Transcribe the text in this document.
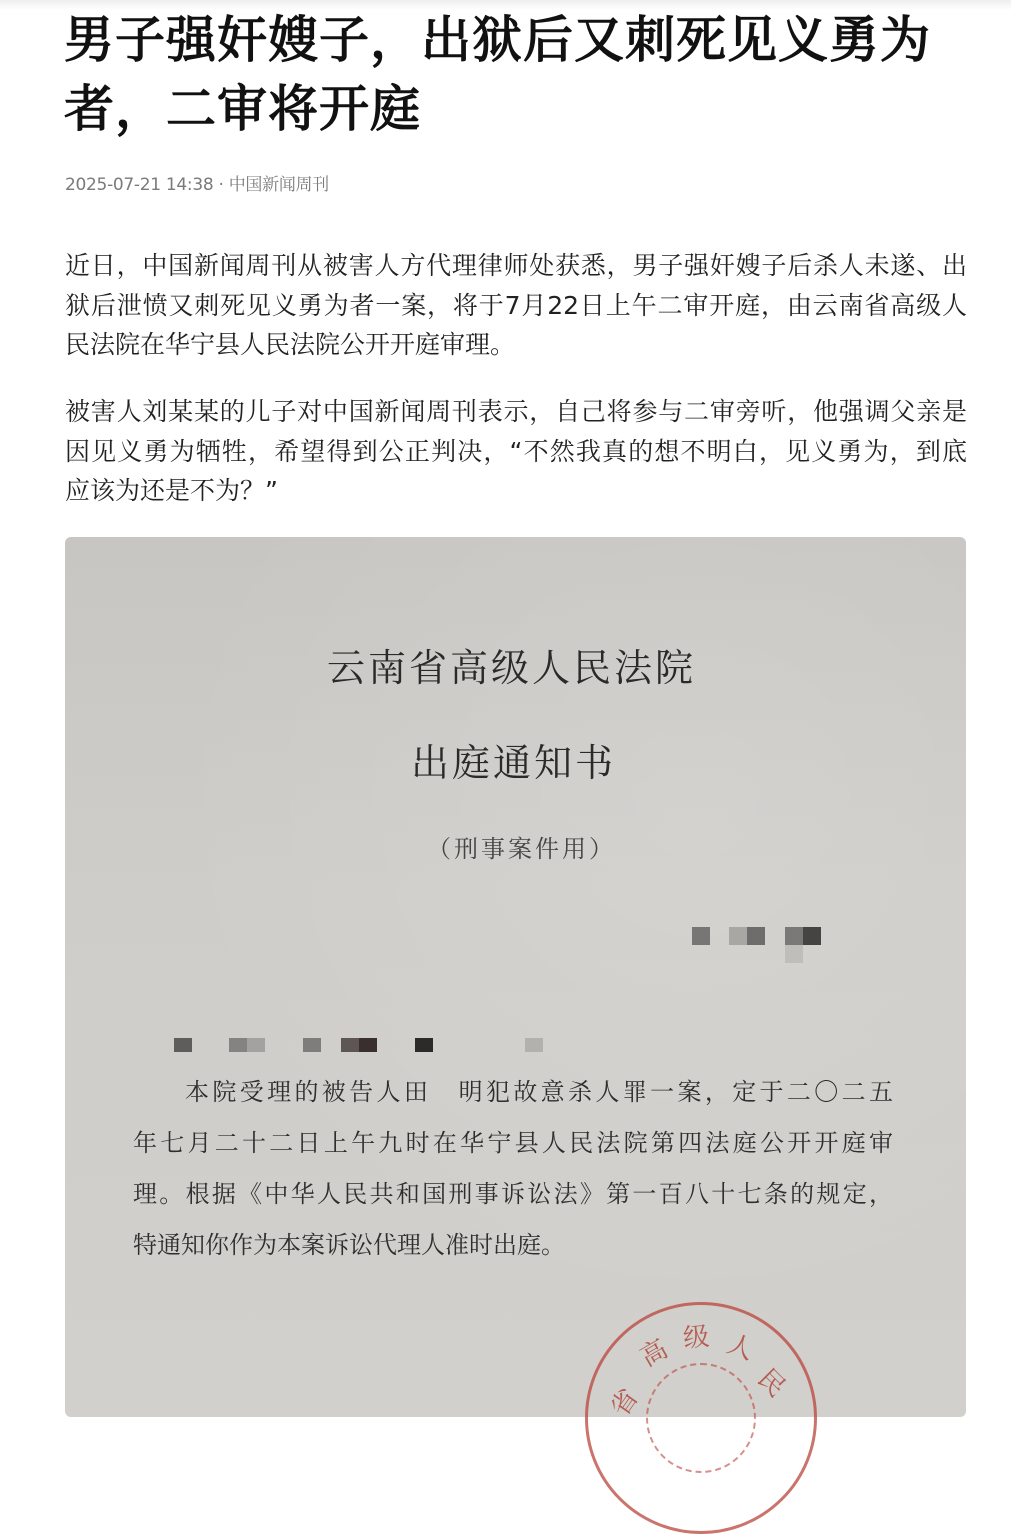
男子强奸嫂子，出狱后又刺死见义勇为
者，二审将开庭
2025-07-21 14:38 · 中国新闻周刊
近日，中国新闻周刊从被害人方代理律师处获悉，男子强奸嫂子后杀人未遂、出
狱后泄愤又刺死见义勇为者一案，将于7月22日上午二审开庭，由云南省高级人
民法院在华宁县人民法院公开开庭审理。
被害人刘某某的儿子对中国新闻周刊表示，自己将参与二审旁听，他强调父亲是
因见义勇为牺牲，希望得到公正判决，“不然我真的想不明白，见义勇为，到底
应该为还是不为？”
云南省高级人民法院
出庭通知书
（刑事案件用）
本院受理的被告人田　明犯故意杀人罪一案，定于二〇二五
年七月二十二日上午九时在华宁县人民法院第四法庭公开开庭审
理。根据《中华人民共和国刑事诉讼法》第一百八十七条的规定，
特通知你作为本案诉讼代理人准时出庭。
省
高 级 人
民
